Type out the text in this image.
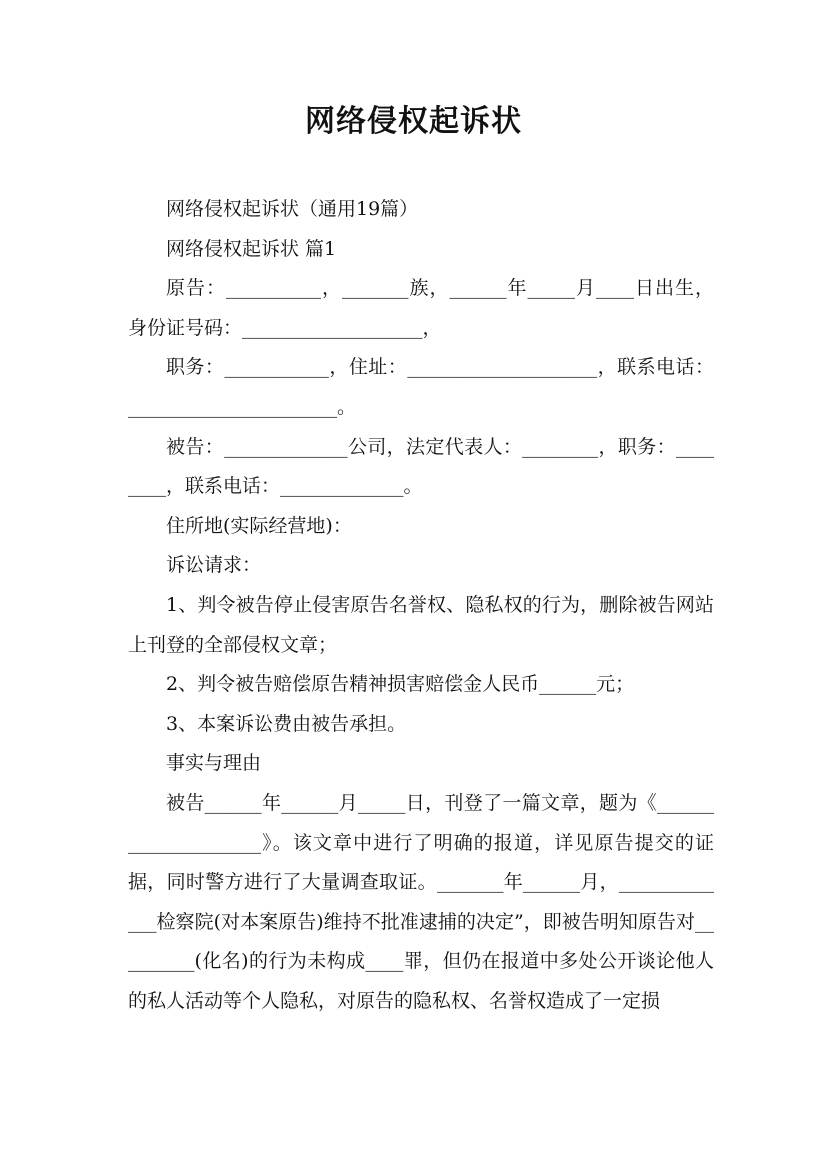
网络侵权起诉状

网络侵权起诉状（通用19篇）

网络侵权起诉状 篇1

原告：__________，_______族，______年_____月____日出生，身份证号码：___________________，

职务：___________，住址：____________________，联系电话：______________________。

被告：_____________公司，法定代表人：________，职务：________，联系电话：_____________。

住所地(实际经营地)：

诉讼请求：

1、判令被告停止侵害原告名誉权、隐私权的行为，删除被告网站上刊登的全部侵权文章；

2、判令被告赔偿原告精神损害赔偿金人民币______元；

3、本案诉讼费由被告承担。

事实与理由

被告______年______月_____日，刊登了一篇文章，题为《____________________》。该文章中进行了明确的报道，详见原告提交的证据，同时警方进行了大量调查取证。_______年______月，_____________检察院(对本案原告)维持不批准逮捕的决定”，即被告明知原告对_________(化名)的行为未构成____罪，但仍在报道中多处公开谈论他人的私人活动等个人隐私，对原告的隐私权、名誉权造成了一定损
